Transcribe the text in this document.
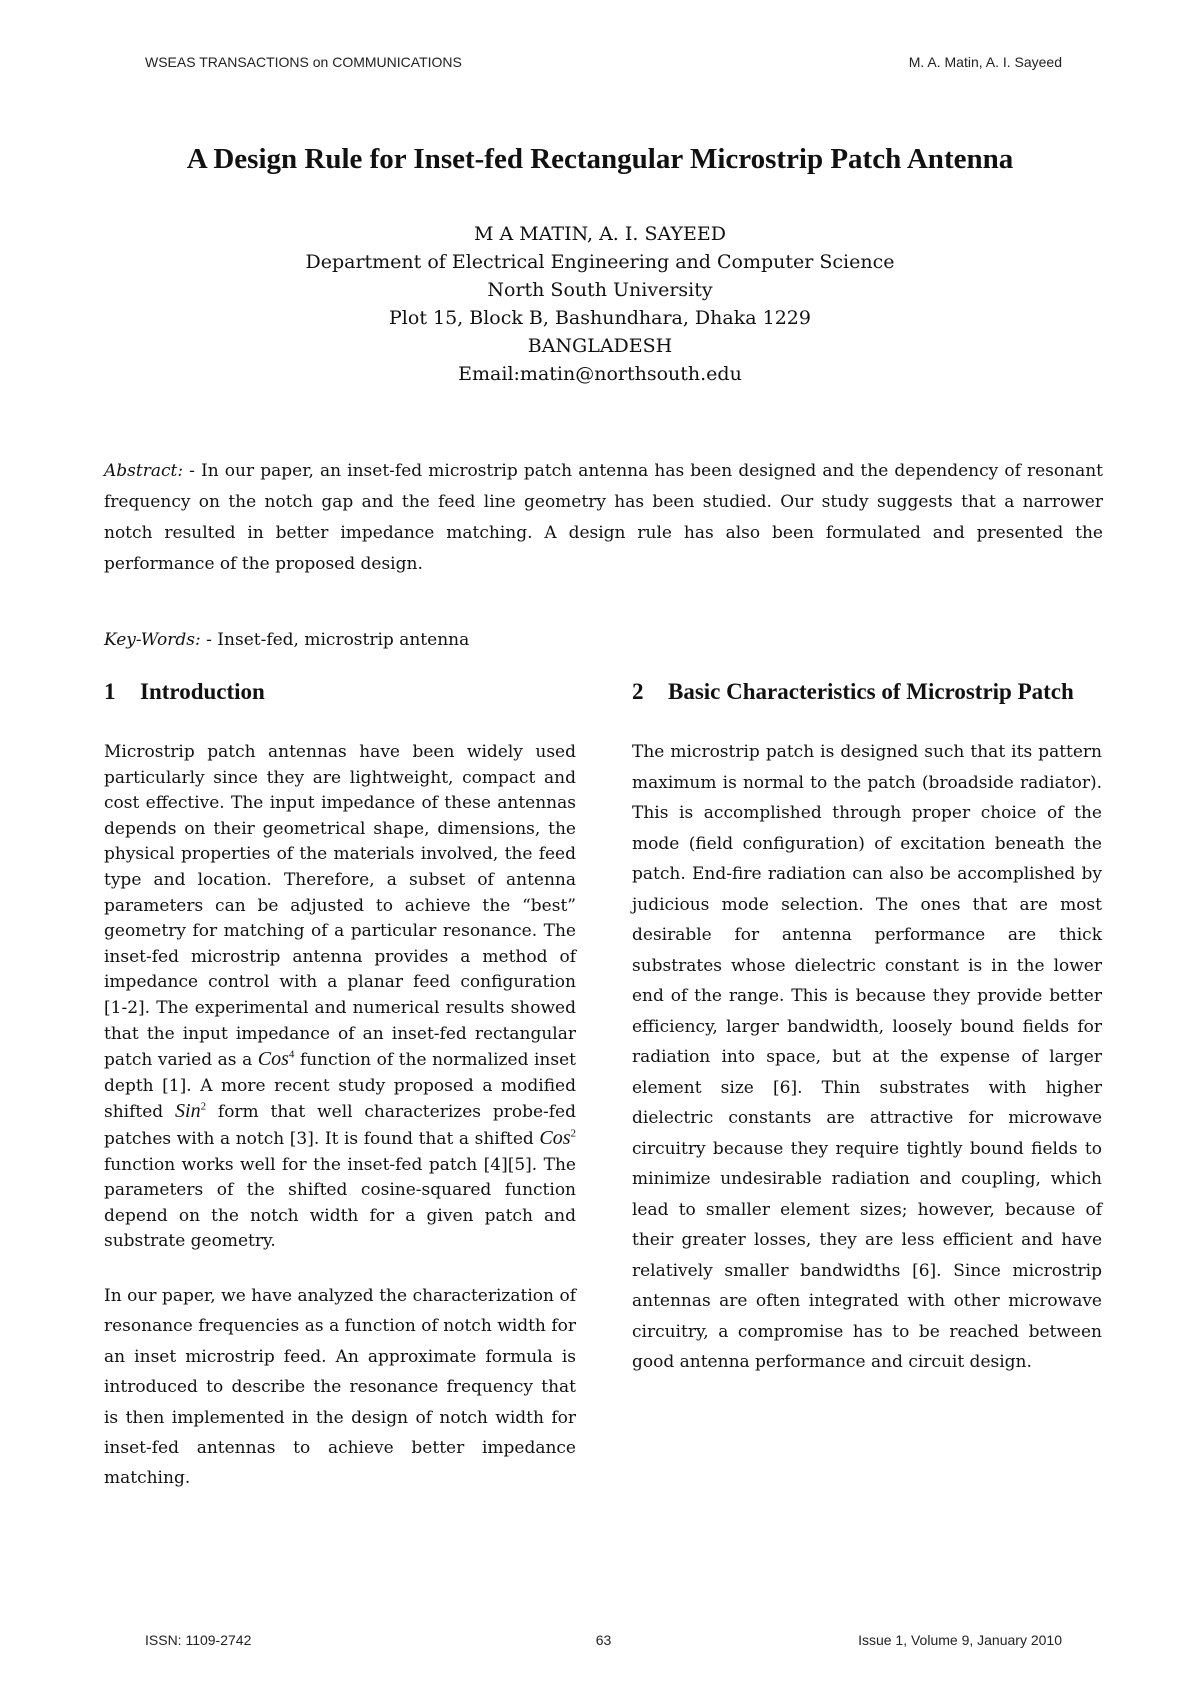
WSEAS TRANSACTIONS on COMMUNICATIONS	M. A. Matin, A. I. Sayeed
A Design Rule for Inset-fed Rectangular Microstrip Patch Antenna
M A MATIN, A. I. SAYEED
Department of Electrical Engineering and Computer Science
North South University
Plot 15, Block B, Bashundhara, Dhaka 1229
BANGLADESH
Email:matin@northsouth.edu

Abstract: - In our paper, an inset-fed microstrip patch antenna has been designed and the dependency of resonant frequency on the notch gap and the feed line geometry has been studied. Our study suggests that a narrower notch resulted in better impedance matching. A design rule has also been formulated and presented the performance of the proposed design.

Key-Words: - Inset-fed, microstrip antenna

1	Introduction

Microstrip patch antennas have been widely used particularly since they are lightweight, compact and cost effective. The input impedance of these antennas depends on their geometrical shape, dimensions, the physical properties of the materials involved, the feed type and location. Therefore, a subset of antenna parameters can be adjusted to achieve the “best” geometry for matching of a particular resonance. The inset-fed microstrip antenna provides a method of impedance control with a planar feed configuration [1-2]. The experimental and numerical results showed that the input impedance of an inset-fed rectangular patch varied as a Cos$^4$ function of the normalized inset depth [1]. A more recent study proposed a modified shifted Sin$^2$ form that well characterizes probe-fed patches with a notch [3]. It is found that a shifted Cos$^2$ function works well for the inset-fed patch [4][5]. The parameters of the shifted cosine-squared function depend on the notch width for a given patch and substrate geometry.

In our paper, we have analyzed the characterization of resonance frequencies as a function of notch width for an inset microstrip feed. An approximate formula is introduced to describe the resonance frequency that is then implemented in the design of notch width for inset-fed antennas to achieve better impedance matching.

2	Basic Characteristics of Microstrip Patch

The microstrip patch is designed such that its pattern maximum is normal to the patch (broadside radiator). This is accomplished through proper choice of the mode (field configuration) of excitation beneath the patch. End-fire radiation can also be accomplished by judicious mode selection. The ones that are most desirable for antenna performance are thick substrates whose dielectric constant is in the lower end of the range. This is because they provide better efficiency, larger bandwidth, loosely bound fields for radiation into space, but at the expense of larger element size [6]. Thin substrates with higher dielectric constants are attractive for microwave circuitry because they require tightly bound fields to minimize undesirable radiation and coupling, which lead to smaller element sizes; however, because of their greater losses, they are less efficient and have relatively smaller bandwidths [6]. Since microstrip antennas are often integrated with other microwave circuitry, a compromise has to be reached between good antenna performance and circuit design.

ISSN: 1109-2742	63	Issue 1, Volume 9, January 2010
